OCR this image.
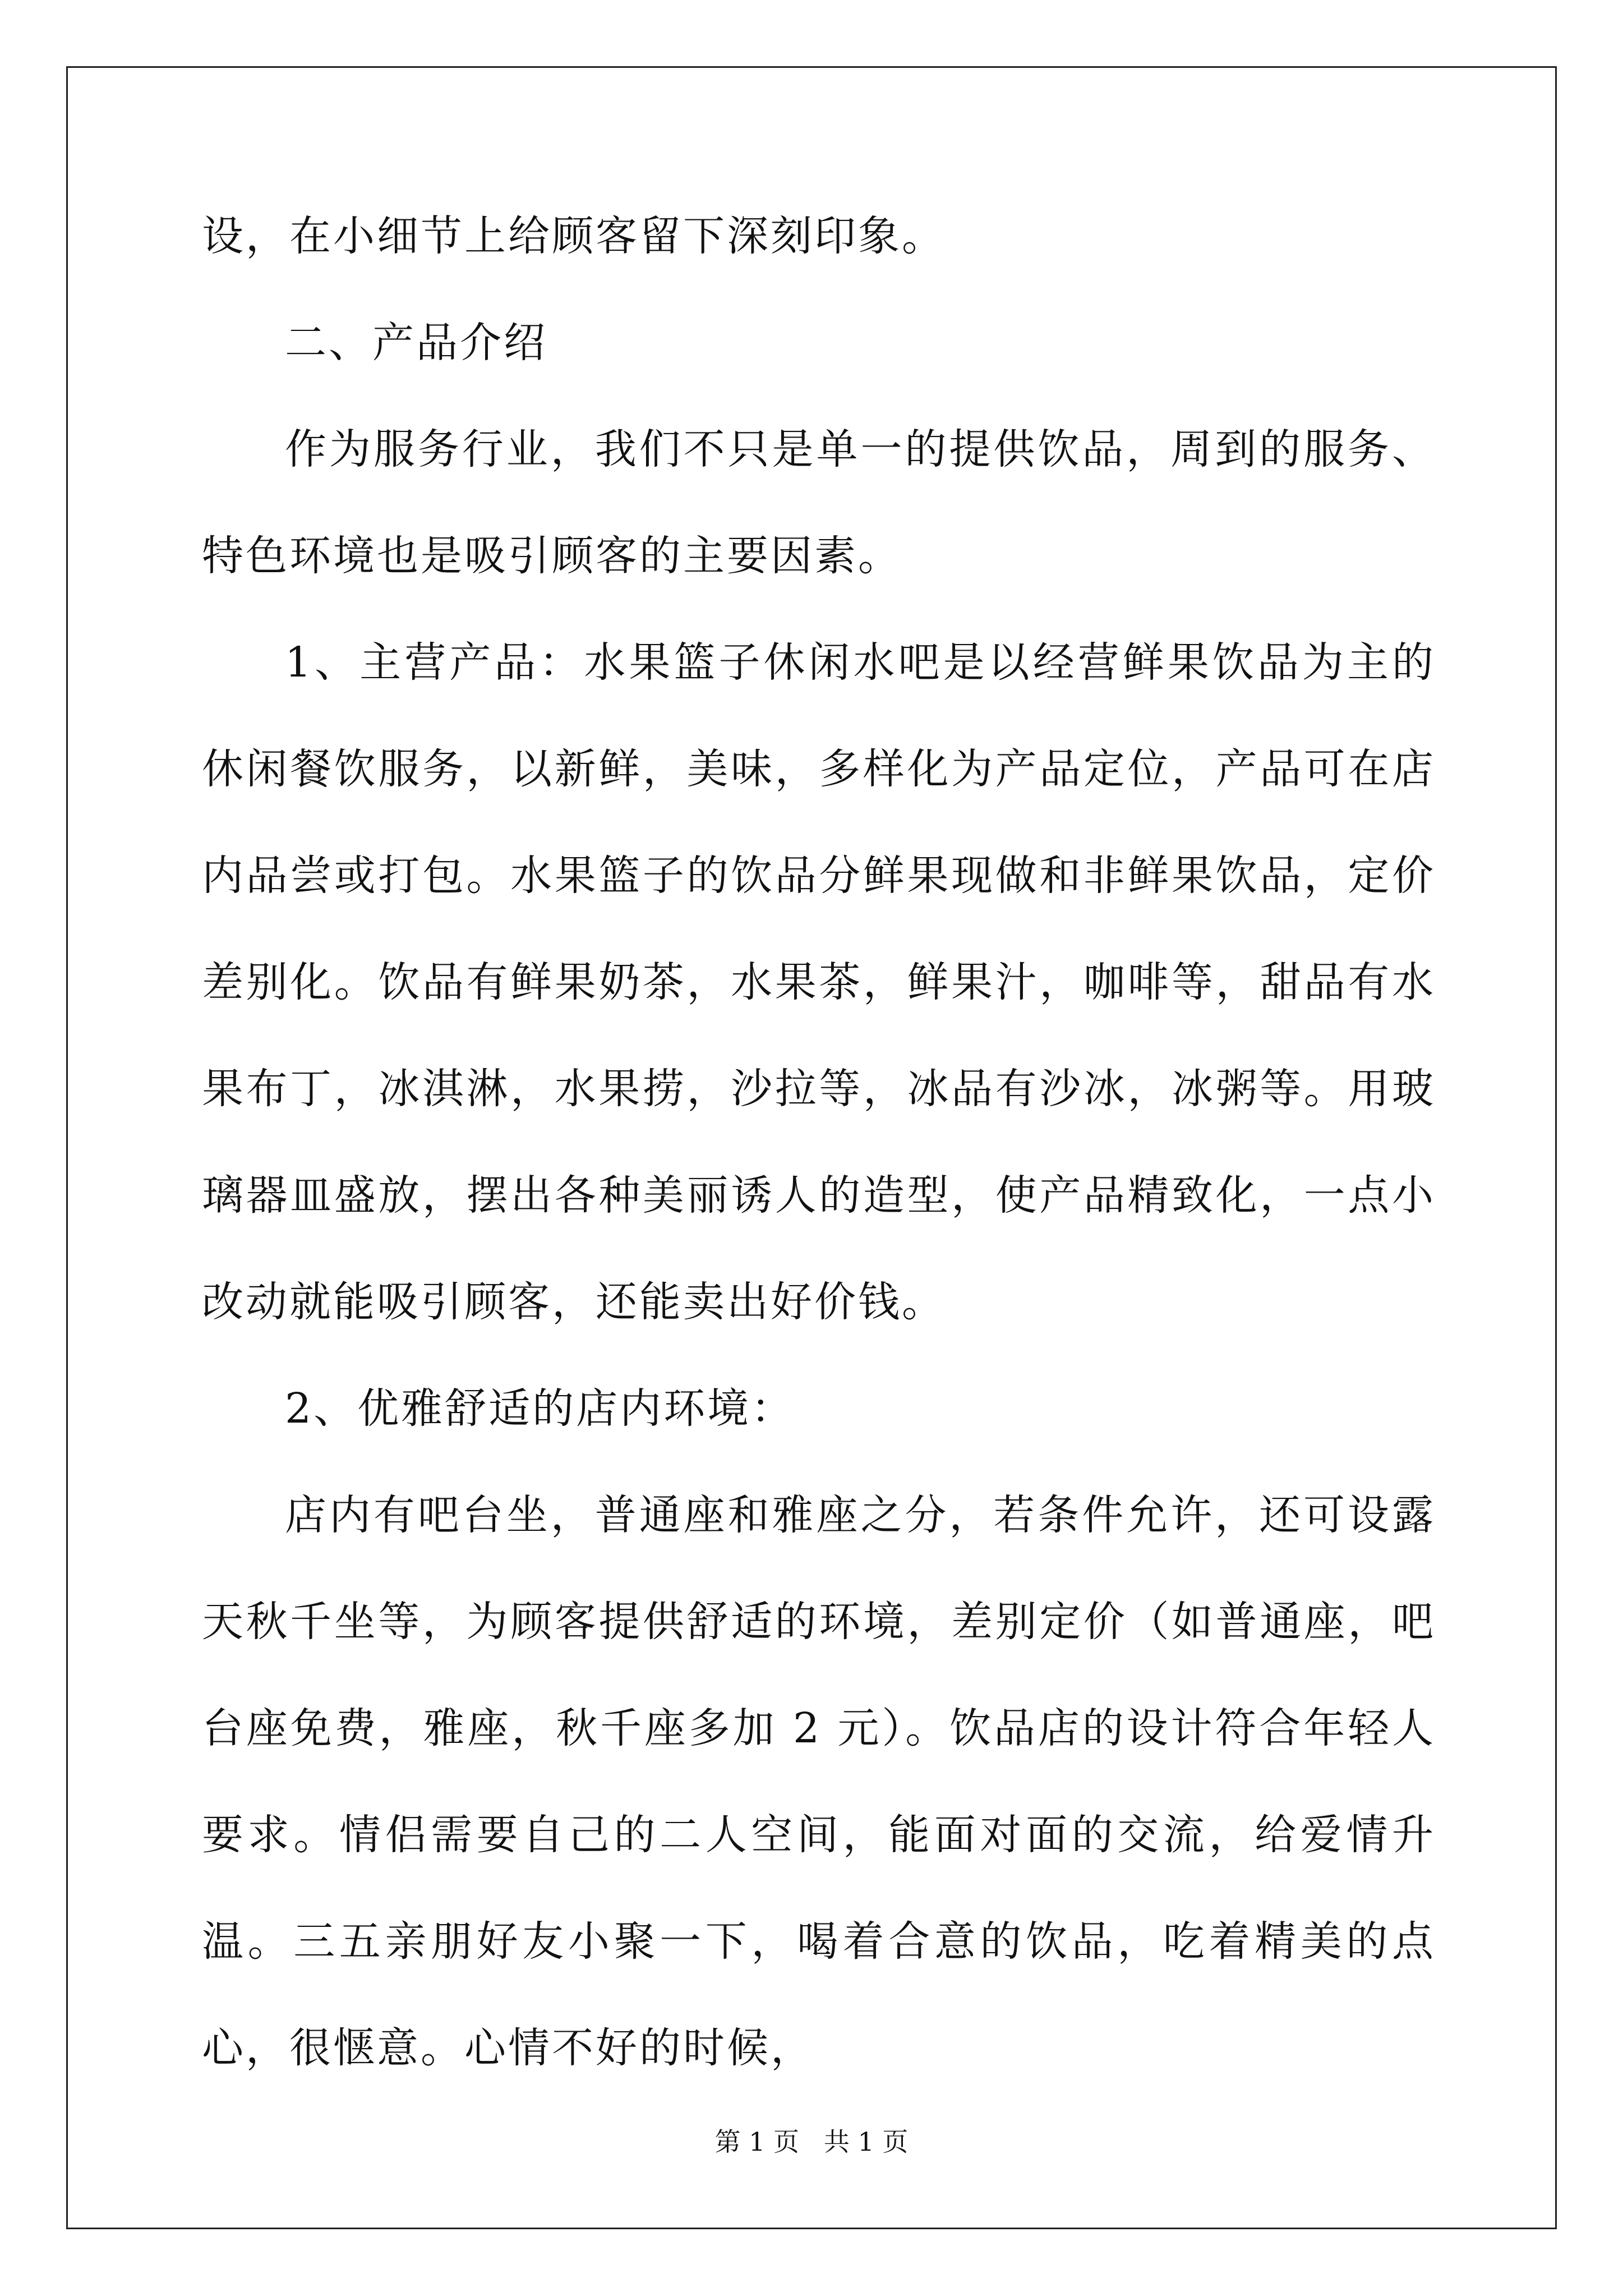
设，在小细节上给顾客留下深刻印象。

二、产品介绍

作为服务行业，我们不只是单一的提供饮品，周到的服务、特色环境也是吸引顾客的主要因素。

1、主营产品：水果篮子休闲水吧是以经营鲜果饮品为主的休闲餐饮服务，以新鲜，美味，多样化为产品定位，产品可在店内品尝或打包。水果篮子的饮品分鲜果现做和非鲜果饮品，定价差别化。饮品有鲜果奶茶，水果茶，鲜果汁，咖啡等，甜品有水果布丁，冰淇淋，水果捞，沙拉等，冰品有沙冰，冰粥等。用玻璃器皿盛放，摆出各种美丽诱人的造型，使产品精致化，一点小改动就能吸引顾客，还能卖出好价钱。

2、优雅舒适的店内环境：

店内有吧台坐，普通座和雅座之分，若条件允许，还可设露天秋千坐等，为顾客提供舒适的环境，差别定价（如普通座，吧台座免费，雅座，秋千座多加 2 元）。饮品店的设计符合年轻人要求。情侣需要自己的二人空间，能面对面的交流，给爱情升温。三五亲朋好友小聚一下，喝着合意的饮品，吃着精美的点心，很惬意。心情不好的时候，

第 1 页   共 1 页
